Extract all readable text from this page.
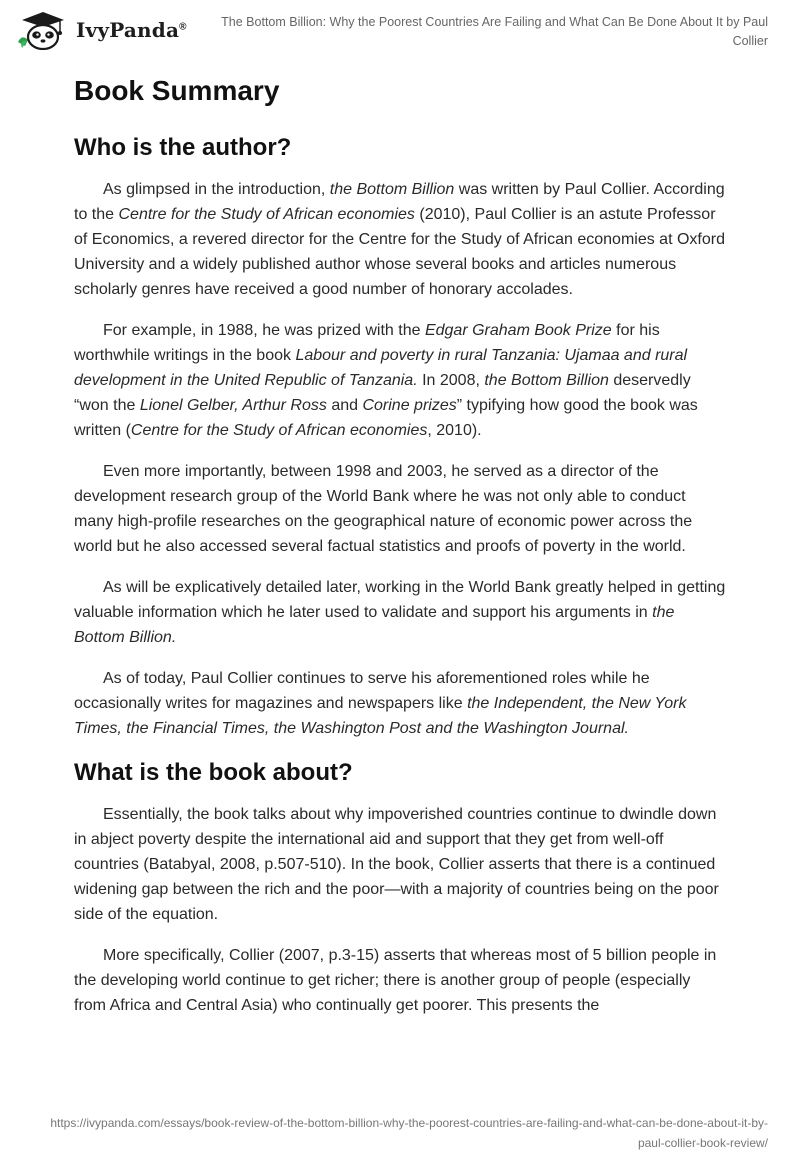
IvyPanda®	The Bottom Billion: Why the Poorest Countries Are Failing and What Can Be Done About It by Paul Collier
Book Summary
Who is the author?

As glimpsed in the introduction, the Bottom Billion was written by Paul Collier. According to the Centre for the Study of African economies (2010), Paul Collier is an astute Professor of Economics, a revered director for the Centre for the Study of African economies at Oxford University and a widely published author whose several books and articles numerous scholarly genres have received a good number of honorary accolades.

For example, in 1988, he was prized with the Edgar Graham Book Prize for his worthwhile writings in the book Labour and poverty in rural Tanzania: Ujamaa and rural development in the United Republic of Tanzania. In 2008, the Bottom Billion deservedly “won the Lionel Gelber, Arthur Ross and Corine prizes” typifying how good the book was written (Centre for the Study of African economies, 2010).

Even more importantly, between 1998 and 2003, he served as a director of the development research group of the World Bank where he was not only able to conduct many high-profile researches on the geographical nature of economic power across the world but he also accessed several factual statistics and proofs of poverty in the world.

As will be explicatively detailed later, working in the World Bank greatly helped in getting valuable information which he later used to validate and support his arguments in the Bottom Billion.

As of today, Paul Collier continues to serve his aforementioned roles while he occasionally writes for magazines and newspapers like the Independent, the New York Times, the Financial Times, the Washington Post and the Washington Journal.

What is the book about?

Essentially, the book talks about why impoverished countries continue to dwindle down in abject poverty despite the international aid and support that they get from well-off countries (Batabyal, 2008, p.507-510). In the book, Collier asserts that there is a continued widening gap between the rich and the poor—with a majority of countries being on the poor side of the equation.

More specifically, Collier (2007, p.3-15) asserts that whereas most of 5 billion people in the developing world continue to get richer; there is another group of people (especially from Africa and Central Asia) who continually get poorer. This presents the

https://ivypanda.com/essays/book-review-of-the-bottom-billion-why-the-poorest-countries-are-failing-and-what-can-be-done-about-it-by-paul-collier-book-review/
